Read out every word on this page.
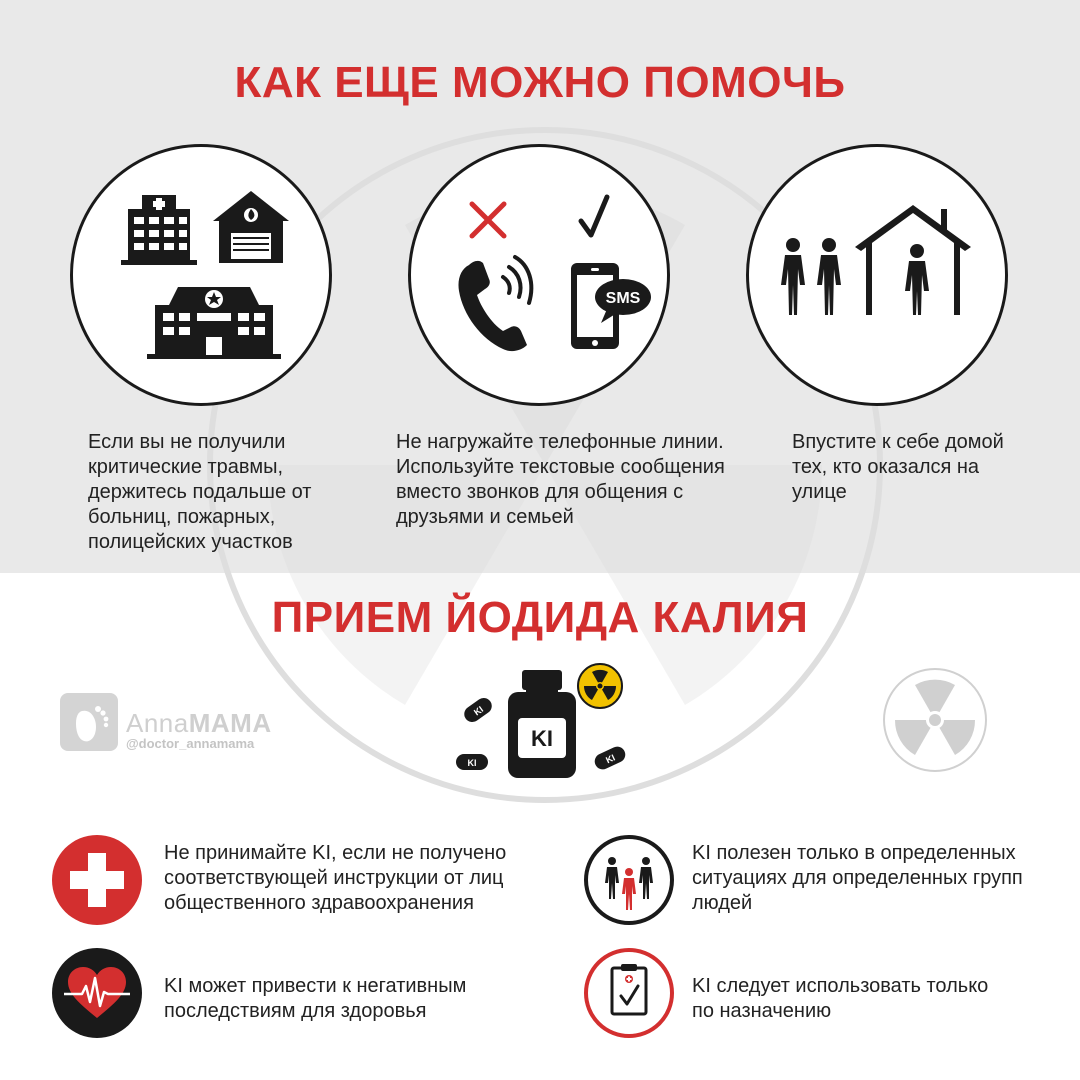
КАК ЕЩЕ МОЖНО ПОМОЧЬ

Если вы не получили критические травмы, держитесь подальше от больниц, пожарных, полицейских участков

SMS

Не нагружайте телефонные линии. Используйте текстовые сообщения вместо звонков для общения с друзьями и семьей

Впустите к себе домой тех, кто оказался на улице

ПРИЕМ ЙОДИДА КАЛИЯ
AnnaMAMA
@doctor_annamama	KI
KI
KI	KI

Не принимайте KI, если не получено соответствующей инструкции от лиц общественного здравоохранения

KI полезен только в определенных ситуациях для определенных групп людей

KI может привести к негативным последствиям для здоровья

KI следует использовать только по назначению
